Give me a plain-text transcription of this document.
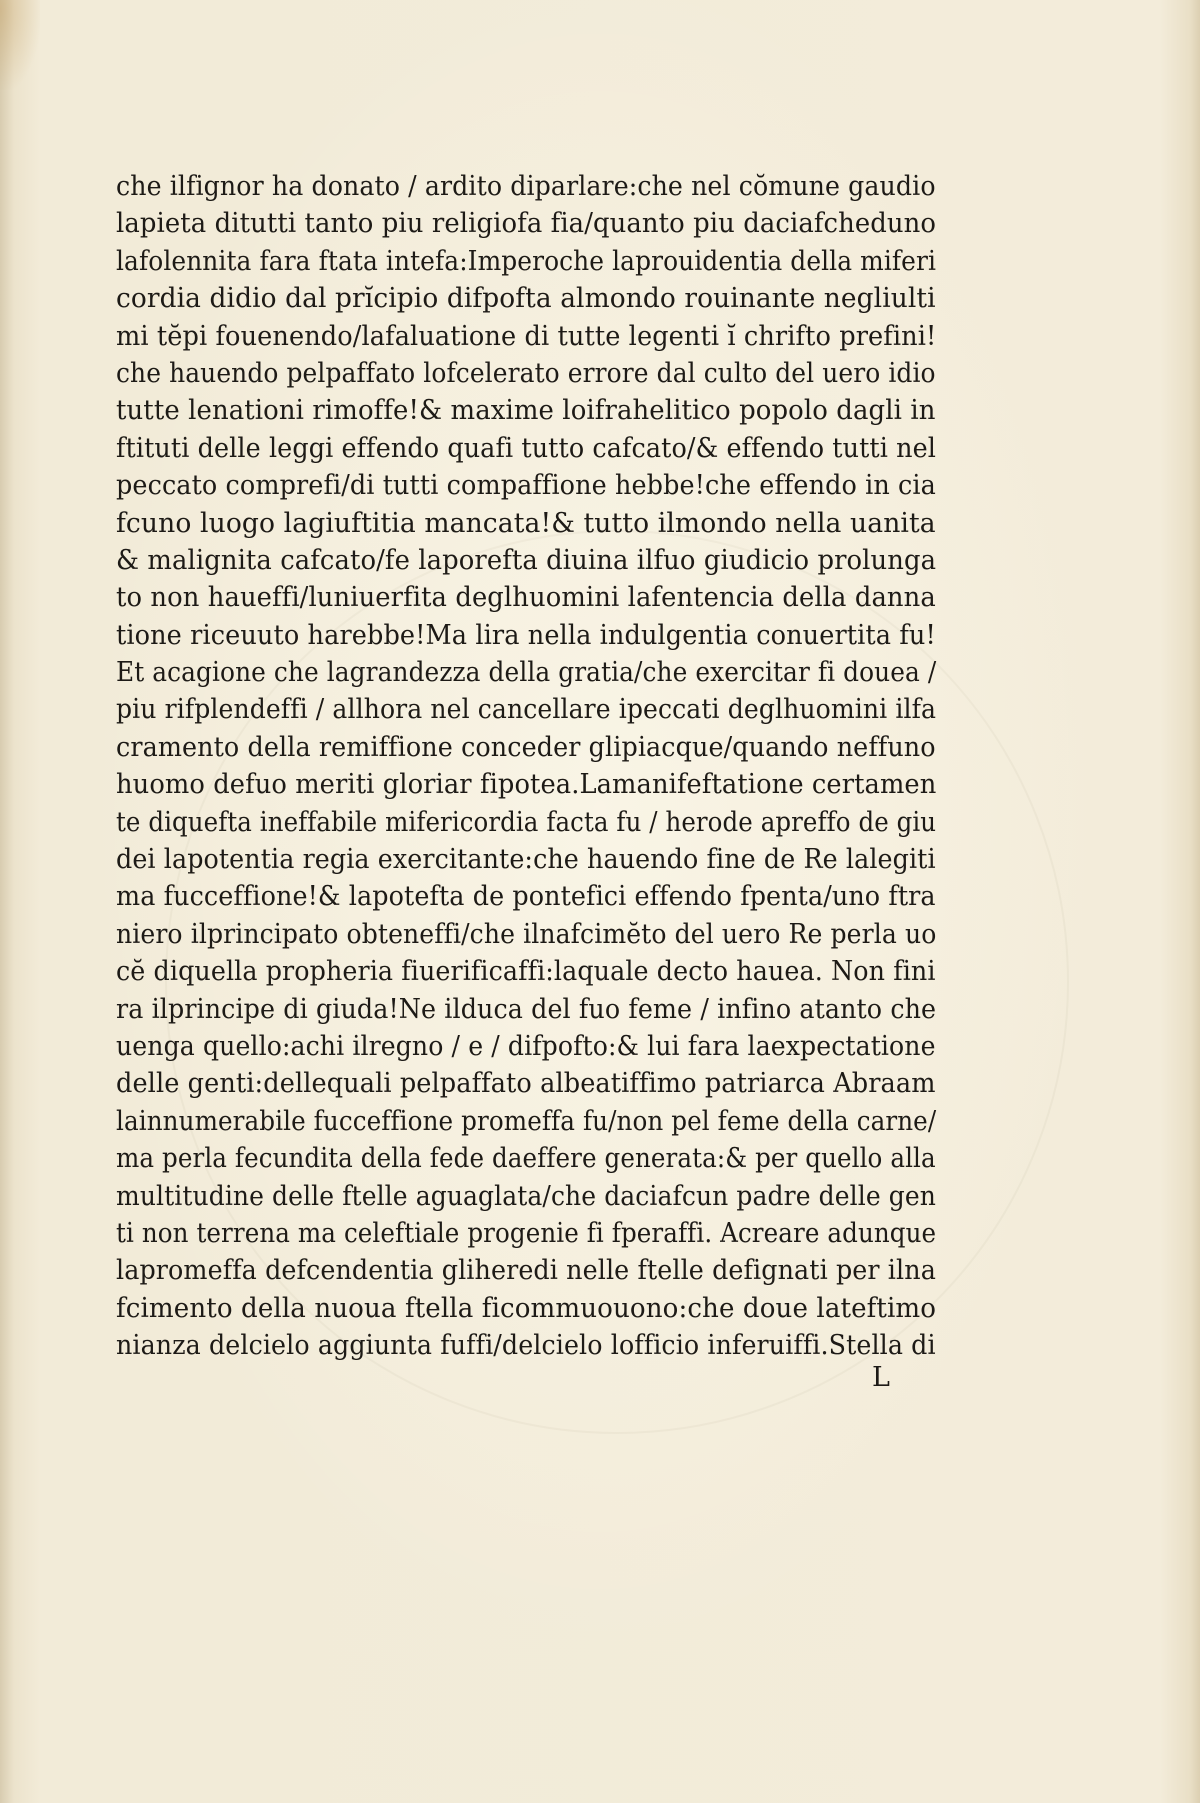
che ilfignor ha donato / ardito diparlare:che nel cŏmune gaudio
lapieta ditutti tanto piu religiofa fia/quanto piu daciafcheduno
lafolennita fara ftata intefa:Imperoche laprouidentia della miferi
cordia didio dal prĭcipio difpofta almondo rouinante negliulti
mi tĕpi fouenendo/lafaluatione di tutte legenti ĭ chrifto prefini!
che hauendo pelpaffato lofcelerato errore dal culto del uero idio
tutte lenationi rimoffe!& maxime loifrahelitico popolo dagli in
ftituti delle leggi effendo quafi tutto cafcato/& effendo tutti nel
peccato comprefi/di tutti compaffione hebbe!che effendo in cia
fcuno luogo lagiuftitia mancata!& tutto ilmondo nella uanita
& malignita cafcato/fe laporefta diuina ilfuo giudicio prolunga
to non haueffi/luniuerfita deglhuomini lafentencia della danna
tione riceuuto harebbe!Ma lira nella indulgentia conuertita fu!
Et acagione che lagrandezza della gratia/che exercitar fi douea /
piu rifplendeffi / allhora nel cancellare ipeccati deglhuomini ilfa
cramento della remiffione conceder glipiacque/quando neffuno
huomo defuo meriti gloriar fipotea.Lamanifeftatione certamen
te diquefta ineffabile mifericordia facta fu / herode apreffo de giu
dei lapotentia regia exercitante:che hauendo fine de Re lalegiti
ma fucceffione!& lapotefta de pontefici effendo fpenta/uno ftra
niero ilprincipato obteneffi/che ilnafcimĕto del uero Re perla uo
cĕ diquella propheria fiuerificaffi:laquale decto hauea. Non fini
ra ilprincipe di giuda!Ne ilduca del fuo feme / infino atanto che
uenga quello:achi ilregno / e / difpofto:& lui fara laexpectatione
delle genti:dellequali pelpaffato albeatiffimo patriarca Abraam
lainnumerabile fucceffione promeffa fu/non pel feme della carne/
ma perla fecundita della fede daeffere generata:& per quello alla
multitudine delle ftelle aguaglata/che daciafcun padre delle gen
ti non terrena ma celeftiale progenie fi fperaffi. Acreare adunque
lapromeffa defcendentia gliheredi nelle ftelle defignati per ilna
fcimento della nuoua ftella ficommuouono:che doue lateftimo
nianza delcielo aggiunta fuffi/delcielo lofficio inferuiffi.Stella di
L
